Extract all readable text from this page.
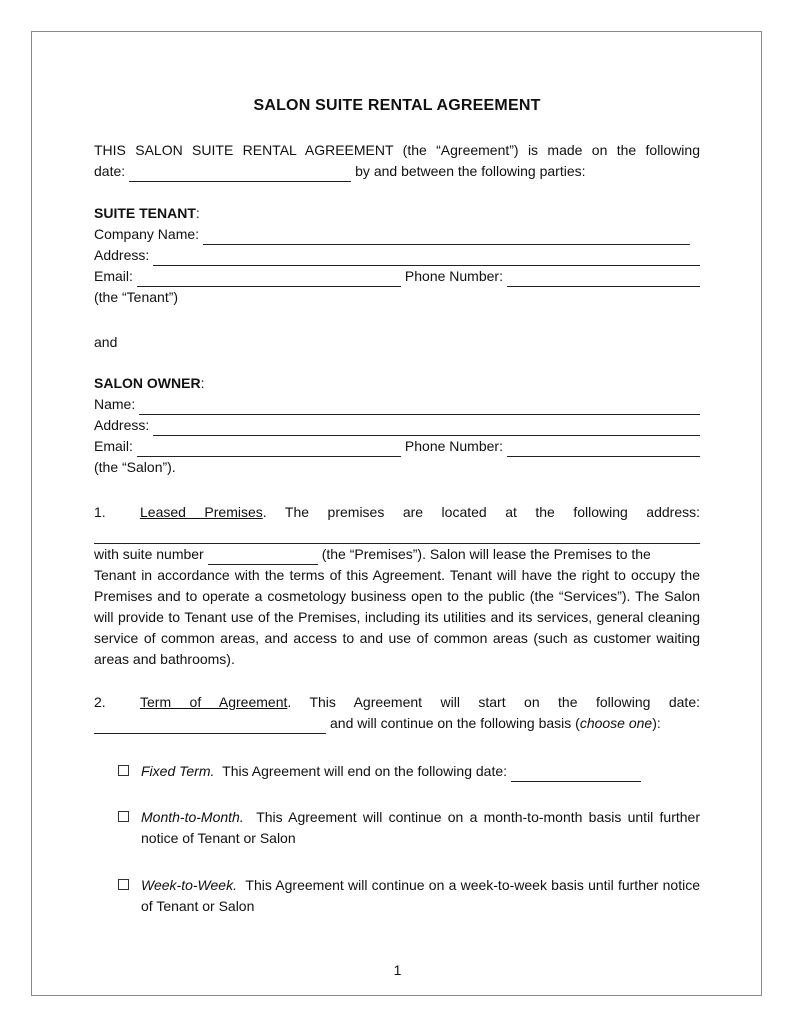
SALON SUITE RENTAL AGREEMENT
THIS SALON SUITE RENTAL AGREEMENT (the “Agreement”) is made on the following
date:	by and between the following parties:
SUITE TENANT :
Company Name:
Address:
Email:	Phone Number:
(the “Tenant”)
and
SALON OWNER :
Name:
Address:
Email:	Phone Number:
(the “Salon”).
1.	Leased Premises. The premises are located at the following address:
with suite number	(the “Premises”). Salon will lease the Premises to the
Tenant in accordance with the terms of this Agreement. Tenant will have the right to occupy the Premises and to operate a cosmetology business open to the public (the “Services”). The Salon will provide to Tenant use of the Premises, including its utilities and its services, general cleaning service of common areas, and access to and use of common areas (such as customer waiting areas and bathrooms).
2.	Term of Agreement. This Agreement will start on the following date:
and will continue on the following basis ( choose one ):
Fixed Term.
This Agreement will end on the following date:
Month-to-Month. This Agreement will continue on a month-to-month basis until further notice of Tenant or Salon
Week-to-Week. This Agreement will continue on a week-to-week basis until further notice of Tenant or Salon
1
